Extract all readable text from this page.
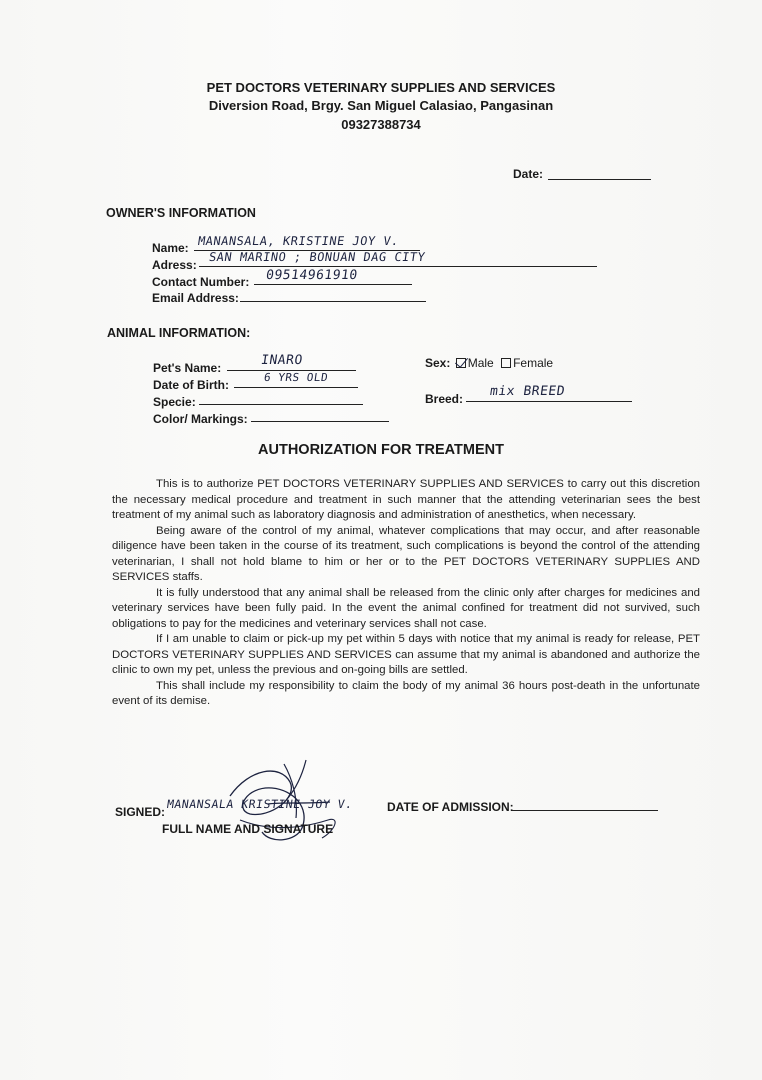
PET DOCTORS VETERINARY SUPPLIES AND SERVICES
Diversion Road, Brgy. San Miguel Calasiao, Pangasinan
09327388734
Date:
OWNER'S INFORMATION
Name: MANANSALA, KRISTINE JOY V.
Adress:
SAN MARINO ; BONUAN DAG CITY
Contact Number: 09514961910
Email Address:
ANIMAL INFORMATION:
Pet's Name:	INARO
Date of Birth:
6 YRS OLD
Specie:
Color/ Markings:
Sex: Male Female
Breed: mix BREED
AUTHORIZATION FOR TREATMENT

This is to authorize PET DOCTORS VETERINARY SUPPLIES AND SERVICES to carry out this discretion the necessary medical procedure and treatment in such manner that the attending veterinarian sees the best treatment of my animal such as laboratory diagnosis and administration of anesthetics, when necessary.

Being aware of the control of my animal, whatever complications that may occur, and after reasonable diligence have been taken in the course of its treatment, such complications is beyond the control of the attending veterinarian, I shall not hold blame to him or her or to the PET DOCTORS VETERINARY SUPPLIES AND SERVICES staffs.

It is fully understood that any animal shall be released from the clinic only after charges for medicines and veterinary services have been fully paid. In the event the animal confined for treatment did not survived, such obligations to pay for the medicines and veterinary services shall not case.

If I am unable to claim or pick-up my pet within 5 days with notice that my animal is ready for release, PET DOCTORS VETERINARY SUPPLIES AND SERVICES can assume that my animal is abandoned and authorize the clinic to own my pet, unless the previous and on-going bills are settled.

This shall include my responsibility to claim the body of my animal 36 hours post-death in the unfortunate event of its demise.

SIGNED:
MANANSALA KRISTINE JOY V.
FULL NAME AND SIGNATURE
DATE OF ADMISSION:
